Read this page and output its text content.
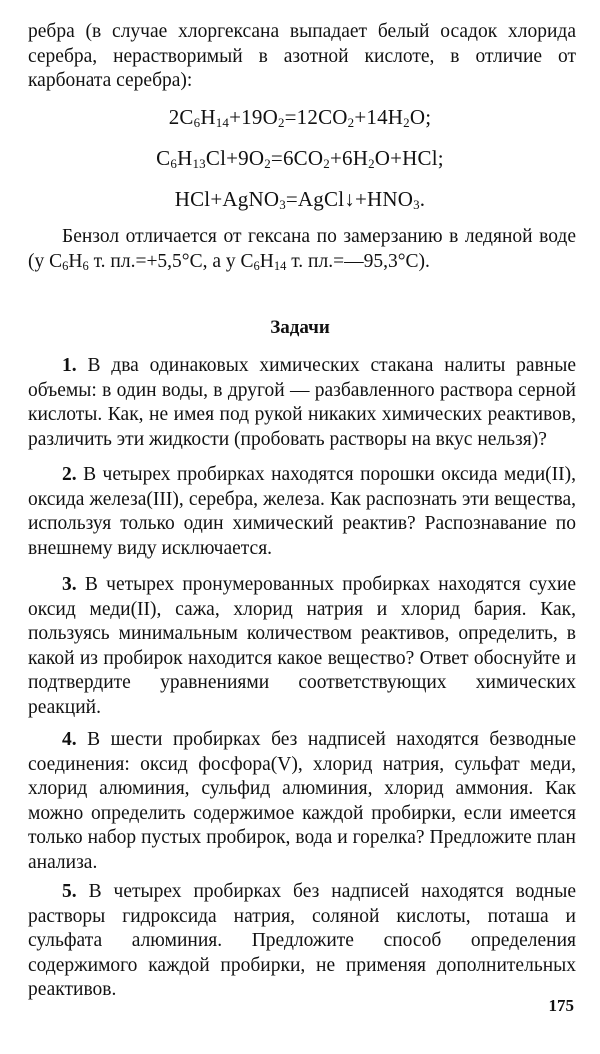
ребра (в случае хлоргексана выпадает белый осадок хлорида серебра, нерастворимый в азотной кислоте, в отличие от карбоната серебра):

$2C_6H_{14}+19O_2=12CO_2+14H_2O$;
$C_6H_{13}Cl+9O_2=6CO_2+6H_2O+HCl$;
$HCl+AgNO_3=AgCl↓+HNO_3$.

Бензол отличается от гексана по замерзанию в ледяной воде (у $C_6H_6$ т. пл.=+5,5°С, а у $C_6H_{14}$ т. пл.=—95,3°С).

Задачи

1. В два одинаковых химических стакана налиты равные объемы: в один воды, в другой — разбавленного раствора серной кислоты. Как, не имея под рукой никаких химических реактивов, различить эти жидкости (пробовать растворы на вкус нельзя)?

2. В четырех пробирках находятся порошки оксида меди(II), оксида железа(III), серебра, железа. Как распознать эти вещества, используя только один химический реактив? Распознавание по внешнему виду исключается.

3. В четырех пронумерованных пробирках находятся сухие оксид меди(II), сажа, хлорид натрия и хлорид бария. Как, пользуясь минимальным количеством реактивов, определить, в какой из пробирок находится какое вещество? Ответ обоснуйте и подтвердите уравнениями соответствующих химических реакций.

4. В шести пробирках без надписей находятся безводные соединения: оксид фосфора(V), хлорид натрия, сульфат меди, хлорид алюминия, сульфид алюминия, хлорид аммония. Как можно определить содержимое каждой пробирки, если имеется только набор пустых пробирок, вода и горелка? Предложите план анализа.

5. В четырех пробирках без надписей находятся водные растворы гидроксида натрия, соляной кислоты, поташа и сульфата алюминия. Предложите способ определения содержимого каждой пробирки, не применяя дополнительных реактивов.

175
